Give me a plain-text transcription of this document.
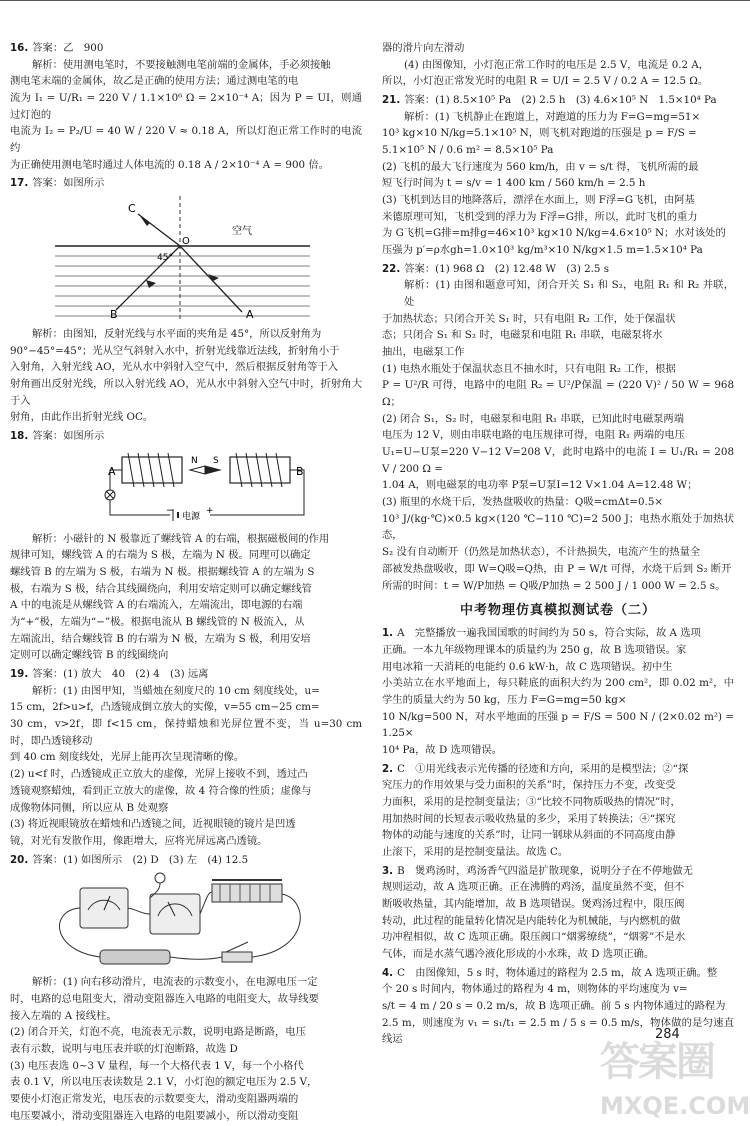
16. 答案：乙　900
解析：使用测电笔时，不要接触测电笔前端的金属体，手必须接触
测电笔末端的金属体，故乙是正确的使用方法；通过测电笔的电
流为 I₁ = U/R₁ = 220 V / 1.1×10⁶ Ω = 2×10⁻⁴ A；因为 P = UI，则通过灯泡的
电流为 I₂ = P₂/U = 40 W / 220 V ≈ 0.18 A，所以灯泡正常工作时的电流约
为正确使用测电笔时通过人体电流的 0.18 A / 2×10⁻⁴ A = 900 倍。
17. 答案：如图所示
C
O
空气
45°
B	A
解析：由图知，反射光线与水平面的夹角是 45°，所以反射角为
90°−45°=45°；光从空气斜射入水中，折射光线靠近法线，折射角小于
入射角，入射光线 AO，光从水中斜射入空气中，然后根据反射角等于入
射角画出反射光线，所以入射光线 AO，光从水中斜射入空气中时，折射角大于入
射角，由此作出折射光线 OC。
18. 答案：如图所示
N S
A	B
−
电源
+
解析：小磁针的 N 极靠近了螺线管 A 的右端，根据磁极间的作用
规律可知，螺线管 A 的右端为 S 极，左端为 N 极。同理可以确定
螺线管 B 的左端为 S 极，右端为 N 极。根据螺线管 A 的左端为 S
极，右端为 S 极，结合其线圈绕向，利用安培定则可以确定螺线管
A 中的电流是从螺线管 A 的右端流入，左端流出，即电源的右端
为“+”极，左端为“−”极。根据电流从 B 螺线管的 N 极流入，从
左端流出，结合螺线管 B 的右端为 N 极，左端为 S 极，利用安培
定则可以确定螺线管 B 的线圈绕向
19. 答案：(1) 放大　40　(2) 4　(3) 远离
解析：(1) 由图甲知，当蜡烛在刻度尺的 10 cm 刻度线处，u=
15 cm，2f>u>f，凸透镜成倒立放大的实像，v=55 cm−25 cm=
30 cm，v>2f，即 f<15 cm，保持蜡烛和光屏位置不变，当 u=30 cm 时，即凸透镜移动
到 40 cm 刻度线处，光屏上能再次呈现清晰的像。
(2) u<f 时，凸透镜成正立放大的虚像，光屏上接收不到，透过凸
透镜观察蜡烛，看到正立放大的虚像，故 4 符合像的性质；虚像与
成像物体同侧，所以应从 B 处观察
(3) 将近视眼镜放在蜡烛和凸透镜之间，近视眼镜的镜片是凹透
镜，对光有发散作用，像距增大，应将光屏远离凸透镜。
20. 答案：(1) 如图所示　(2) D　(3) 左　(4) 12.5
解析：(1) 向右移动滑片，电流表的示数变小，在电源电压一定
时，电路的总电阻变大，滑动变阻器连入电路的电阻变大，故导线要
接入左端的 A 接线柱。
(2) 闭合开关，灯泡不亮，电流表无示数，说明电路是断路，电压
表有示数，说明与电压表并联的灯泡断路，故选 D
(3) 电压表选 0~3 V 量程，每一个大格代表 1 V，每一个小格代
表 0.1 V，所以电压表读数是 2.1 V，小灯泡的额定电压为 2.5 V，
要使小灯泡正常发光，电压表的示数要变大，滑动变阻器两端的
电压要减小，滑动变阻器连入电路的电阻要减小，所以滑动变阻
器的滑片向左滑动
(4) 由图像知，小灯泡正常工作时的电压是 2.5 V，电流是 0.2 A，
所以，小灯泡正常发光时的电阻 R = U/I = 2.5 V / 0.2 A = 12.5 Ω。
21. 答案：(1) 8.5×10⁵ Pa　(2) 2.5 h　(3) 4.6×10⁵ N　1.5×10⁴ Pa
解析：(1) 飞机静止在跑道上，对跑道的压力为 F=G=mg=51×
10³ kg×10 N/kg=5.1×10⁵ N，则飞机对跑道的压强是 p = F/S =
5.1×10⁵ N / 0.6 m² = 8.5×10⁵ Pa
(2) 飞机的最大飞行速度为 560 km/h，由 v = s/t 得，飞机所需的最
短飞行时间为 t = s/v = 1 400 km / 560 km/h = 2.5 h
(3) 飞机到达目的地降落后，漂浮在水面上，则 F浮=G飞机，由阿基
米德原理可知，飞机受到的浮力为 F浮=G排，所以，此时飞机的重力
为 G飞机=G排=m排g=46×10³ kg×10 N/kg=4.6×10⁵ N；水对该处的
压强为 p′=ρ水gh=1.0×10³ kg/m³×10 N/kg×1.5 m=1.5×10⁴ Pa
22. 答案：(1) 968 Ω　(2) 12.48 W　(3) 2.5 s
解析：(1) 由图和题意可知，闭合开关 S₁ 和 S₂，电阻 R₁ 和 R₂ 并联，处
于加热状态；只闭合开关 S₁ 时，只有电阻 R₂ 工作，处于保温状
态；只闭合 S₁ 和 S₂ 时，电磁泵和电阻 R₁ 串联，电磁泵将水
抽出，电磁泵工作
(1) 电热水瓶处于保温状态且不抽水时，只有电阻 R₂ 工作，根据
P = U²/R 可得，电路中的电阻 R₂ = U²/P保温 = (220 V)² / 50 W = 968 Ω；
(2) 闭合 S₁，S₂ 时，电磁泵和电阻 R₁ 串联，已知此时电磁泵两端
电压为 12 V，则由串联电路的电压规律可得，电阻 R₁ 两端的电压
U₁=U−U泵=220 V−12 V=208 V，此时电路中的电流 I = U₁/R₁ = 208 V / 200 Ω =
1.04 A，则电磁泵的电功率 P泵=U泵I=12 V×1.04 A=12.48 W；
(3) 瓶里的水烧干后，发热盘吸收的热量：Q吸=cmΔt=0.5×
10³ J/(kg·℃)×0.5 kg×(120 ℃−110 ℃)=2 500 J；电热水瓶处于加热状态，
S₂ 没有自动断开（仍然是加热状态），不计热损失，电流产生的热量全
部被发热盘吸收，即 W=Q吸=Q热，由 P = W/t 可得，水烧干后到 S₂ 断开
所需的时间：t = W/P加热 = Q吸/P加热 = 2 500 J / 1 000 W = 2.5 s。
中考物理仿真模拟测试卷（二）
1. A　完整播放一遍我国国歌的时间约为 50 s，符合实际，故 A 选项
正确。一本九年级物理课本的质量约为 250 g，故 B 选项错误。家
用电冰箱一天消耗的电能约 0.6 kW·h，故 C 选项错误。初中生
小美站立在水平地面上，每只鞋底的面积大约为 200 cm²，即 0.02 m²，中学生的质量大约为 50 kg，压力 F=G=mg=50 kg×
10 N/kg=500 N，对水平地面的压强 p = F/S = 500 N / (2×0.02 m²) = 1.25×
10⁴ Pa，故 D 选项错误。
2. C　①用光线表示光传播的径迹和方向，采用的是模型法；②“探
究压力的作用效果与受力面积的关系”时，保持压力不变，改变受
力面积，采用的是控制变量法；③“比较不同物质吸热的情况”时，
用加热时间的长短表示吸收热量的多少，采用了转换法；④“探究
物体的动能与速度的关系”时，让同一钢球从斜面的不同高度由静
止滚下，采用的是控制变量法。故选 C。
3. B　煲鸡汤时，鸡汤香气四溢是扩散现象，说明分子在不停地做无
规则运动，故 A 选项正确。正在沸腾的鸡汤，温度虽然不变，但不
断吸收热量，其内能增加，故 B 选项错误。煲鸡汤过程中，限压阀
转动，此过程的能量转化情况是内能转化为机械能，与内燃机的做
功冲程相似，故 C 选项正确。限压阀口“烟雾缭绕”，“烟雾”不是水
气体，而是水蒸气遇冷液化形成的小水珠，故 D 选项正确。
4. C　由图像知，5 s 时，物体通过的路程为 2.5 m，故 A 选项正确。整
个 20 s 时间内，物体通过的路程为 4 m，则物体的平均速度为 v=
s/t = 4 m / 20 s = 0.2 m/s，故 B 选项正确。前 5 s 内物体通过的路程为
2.5 m，则速度为 v₁ = s₁/t₁ = 2.5 m / 5 s = 0.5 m/s，物体做的是匀速直线运	284
答案圈
MXQE.COM
